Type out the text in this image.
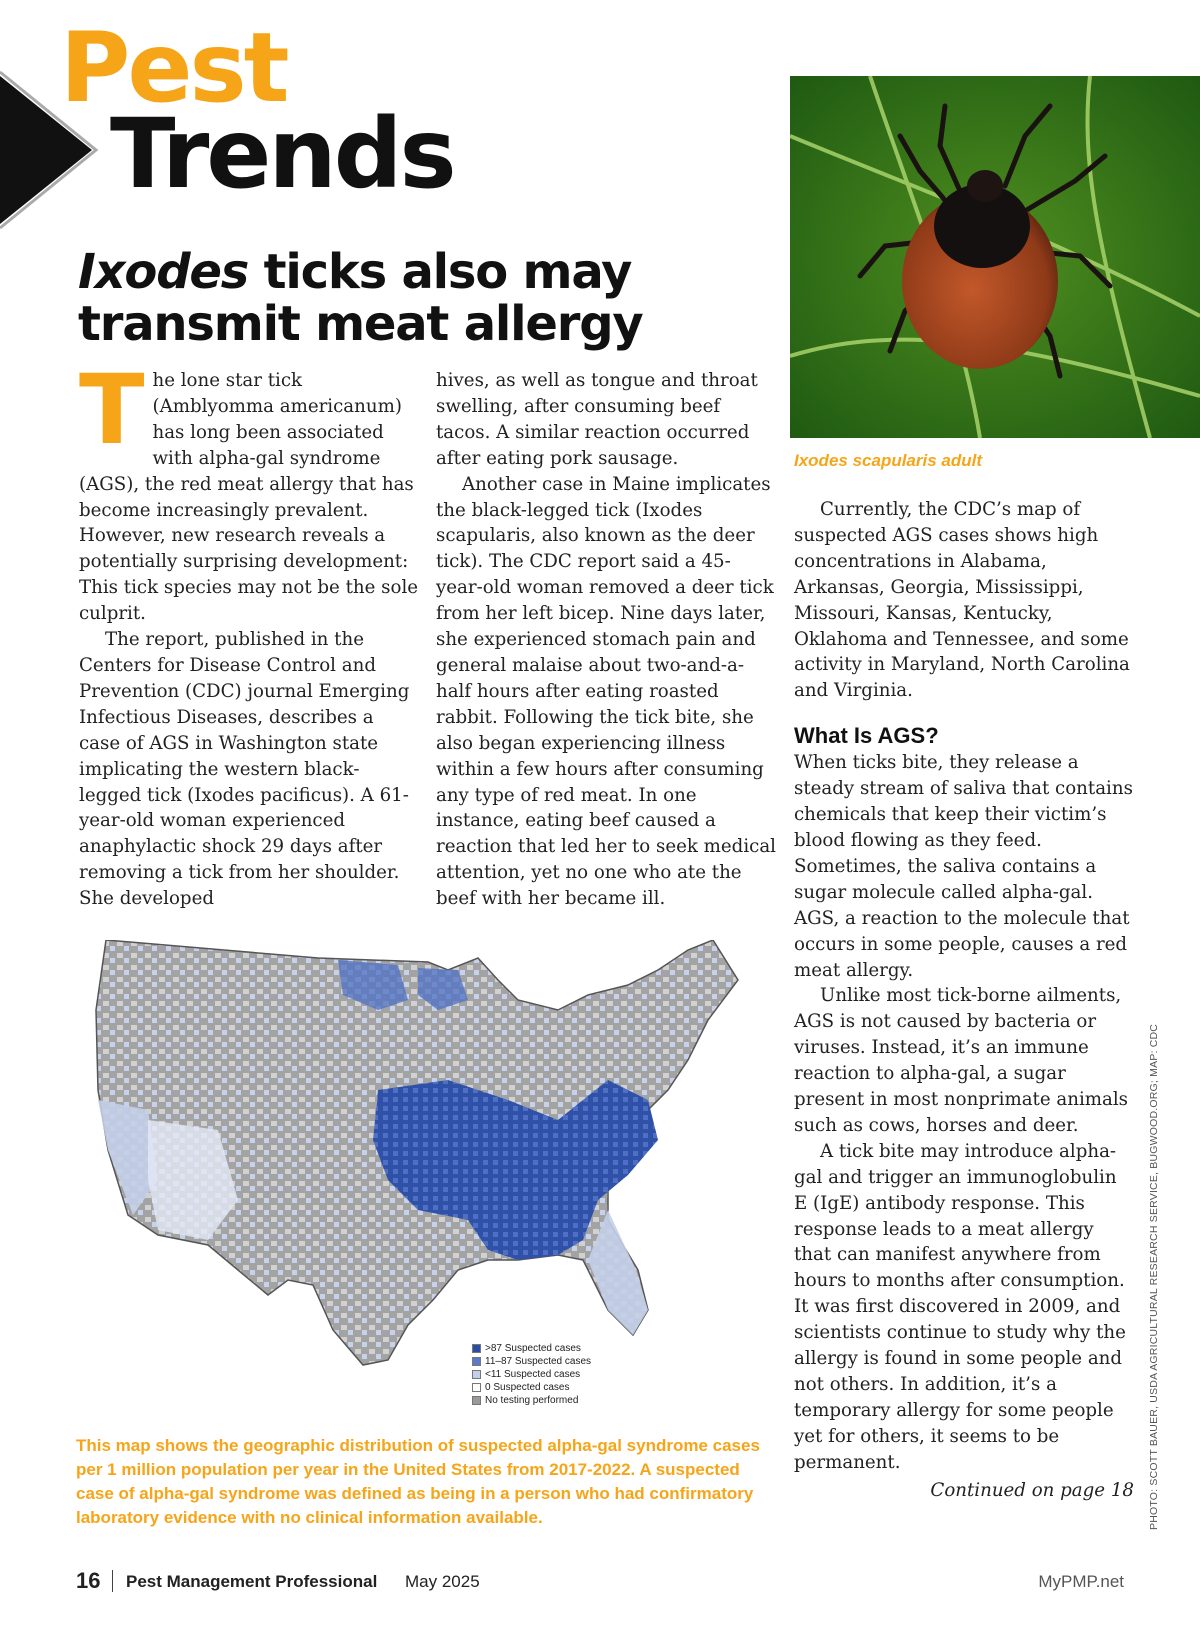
Pest
Trends
Ixodes ticks also may transmit meat allergy
T he lone star tick (Amblyomma americanum) has long been associated with alpha-gal syndrome (AGS), the red meat allergy that has become increasingly prevalent. However, new research reveals a potentially surprising development: This tick species may not be the sole culprit.

The report, published in the Centers for Disease Control and Prevention (CDC) journal Emerging Infectious Diseases, describes a case of AGS in Washington state implicating the western black-legged tick (Ixodes pacificus). A 61-year-old woman experienced anaphylactic shock 29 days after removing a tick from her shoulder. She developed

hives, as well as tongue and throat swelling, after consuming beef tacos. A similar reaction occurred after eating pork sausage.

Another case in Maine implicates the black-legged tick (Ixodes scapularis, also known as the deer tick). The CDC report said a 45-year-old woman removed a deer tick from her left bicep. Nine days later, she experienced stomach pain and general malaise about two-and-a-half hours after eating roasted rabbit. Following the tick bite, she also began experiencing illness within a few hours after consuming any type of red meat. In one instance, eating beef caused a reaction that led her to seek medical attention, yet no one who ate the beef with her became ill.

Ixodes scapularis adult

Currently, the CDC’s map of suspected AGS cases shows high concentrations in Alabama, Arkansas, Georgia, Mississippi, Missouri, Kansas, Kentucky, Oklahoma and Tennessee, and some activity in Maryland, North Carolina and Virginia.

What Is AGS?

When ticks bite, they release a steady stream of saliva that contains chemicals that keep their victim’s blood flowing as they feed. Sometimes, the saliva contains a sugar molecule called alpha-gal. AGS, a reaction to the molecule that occurs in some people, causes a red meat allergy.

Unlike most tick-borne ailments, AGS is not caused by bacteria or viruses. Instead, it’s an immune reaction to alpha-gal, a sugar present in most nonprimate animals such as cows, horses and deer.

A tick bite may introduce alpha-gal and trigger an immunoglobulin E (IgE) antibody response. This response leads to a meat allergy that can manifest anywhere from hours to months after consumption. It was first discovered in 2009, and scientists continue to study why the allergy is found in some people and not others. In addition, it’s a temporary allergy for some people yet for others, it seems to be permanent.

Continued on page 18

>87 Suspected cases
11–87 Suspected cases
<11 Suspected cases
0 Suspected cases
No testing performed

This map shows the geographic distribution of suspected alpha-gal syndrome cases per 1 million population per year in the United States from 2017-2022. A suspected case of alpha-gal syndrome was defined as being in a person who had confirmatory laboratory evidence with no clinical information available.	PHOTO: SCOTT BAUER, USDA AGRICULTURAL RESEARCH SERVICE, BUGWOOD.ORG; MAP: CDC
16 Pest Management Professional May 2025	MyPMP.net
